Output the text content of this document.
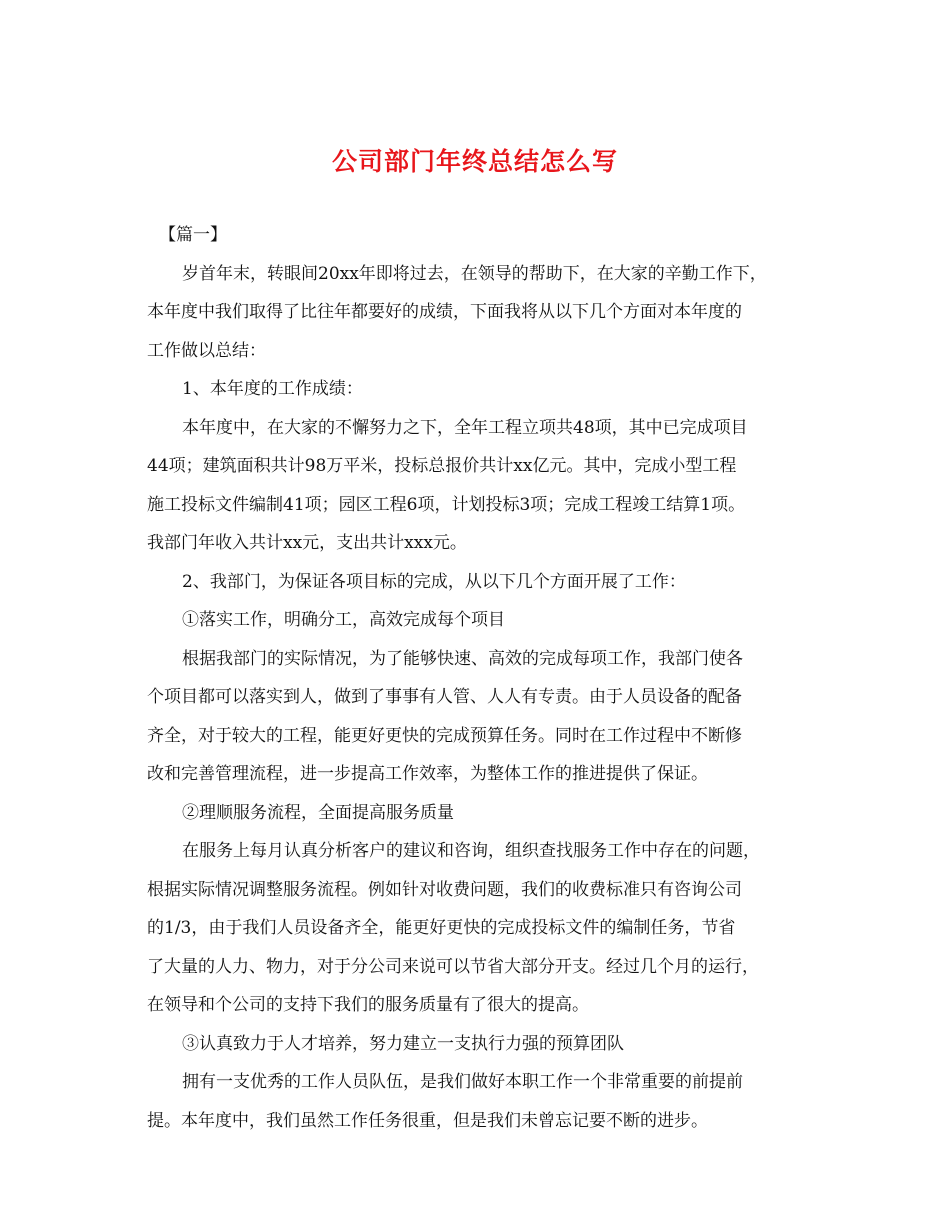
公司部门年终总结怎么写
【篇一】
岁首年末，转眼间20xx年即将过去，在领导的帮助下，在大家的辛勤工作下，
本年度中我们取得了比往年都要好的成绩，下面我将从以下几个方面对本年度的
工作做以总结：
1、本年度的工作成绩：
本年度中，在大家的不懈努力之下，全年工程立项共48项，其中已完成项目
44项；建筑面积共计98万平米，投标总报价共计xx亿元。其中，完成小型工程
施工投标文件编制41项；园区工程6项，计划投标3项；完成工程竣工结算1项。
我部门年收入共计xx元，支出共计xxx元。
2、我部门，为保证各项目标的完成，从以下几个方面开展了工作：
①落实工作，明确分工，高效完成每个项目
根据我部门的实际情况，为了能够快速、高效的完成每项工作，我部门使各
个项目都可以落实到人，做到了事事有人管、人人有专责。由于人员设备的配备
齐全，对于较大的工程，能更好更快的完成预算任务。同时在工作过程中不断修
改和完善管理流程，进一步提高工作效率，为整体工作的推进提供了保证。
②理顺服务流程，全面提高服务质量
在服务上每月认真分析客户的建议和咨询，组织查找服务工作中存在的问题，
根据实际情况调整服务流程。例如针对收费问题，我们的收费标准只有咨询公司
的1/3，由于我们人员设备齐全，能更好更快的完成投标文件的编制任务，节省
了大量的人力、物力，对于分公司来说可以节省大部分开支。经过几个月的运行，
在领导和个公司的支持下我们的服务质量有了很大的提高。
③认真致力于人才培养，努力建立一支执行力强的预算团队
拥有一支优秀的工作人员队伍，是我们做好本职工作一个非常重要的前提前
提。本年度中，我们虽然工作任务很重，但是我们未曾忘记要不断的进步。
